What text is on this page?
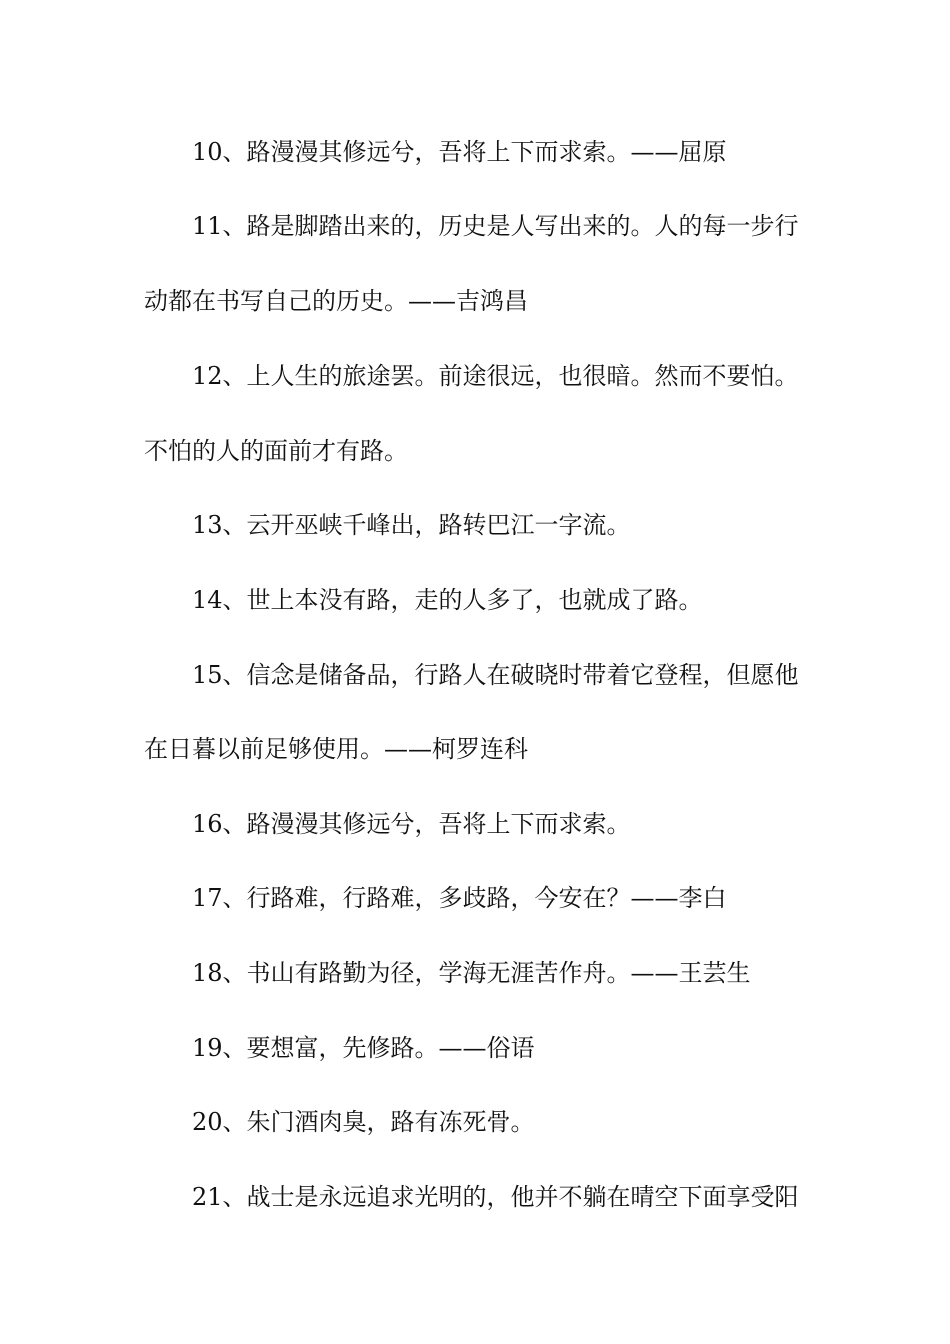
10、路漫漫其修远兮，吾将上下而求索。——屈原
11、路是脚踏出来的，历史是人写出来的。人的每一步行
动都在书写自己的历史。——吉鸿昌
12、上人生的旅途罢。前途很远，也很暗。然而不要怕。
不怕的人的面前才有路。
13、云开巫峡千峰出，路转巴江一字流。
14、世上本没有路，走的人多了，也就成了路。
15、信念是储备品，行路人在破晓时带着它登程，但愿他
在日暮以前足够使用。——柯罗连科
16、路漫漫其修远兮，吾将上下而求索。
17、行路难，行路难，多歧路，今安在？——李白
18、书山有路勤为径，学海无涯苦作舟。——王芸生
19、要想富，先修路。——俗语
20、朱门酒肉臭，路有冻死骨。
21、战士是永远追求光明的，他并不躺在晴空下面享受阳
